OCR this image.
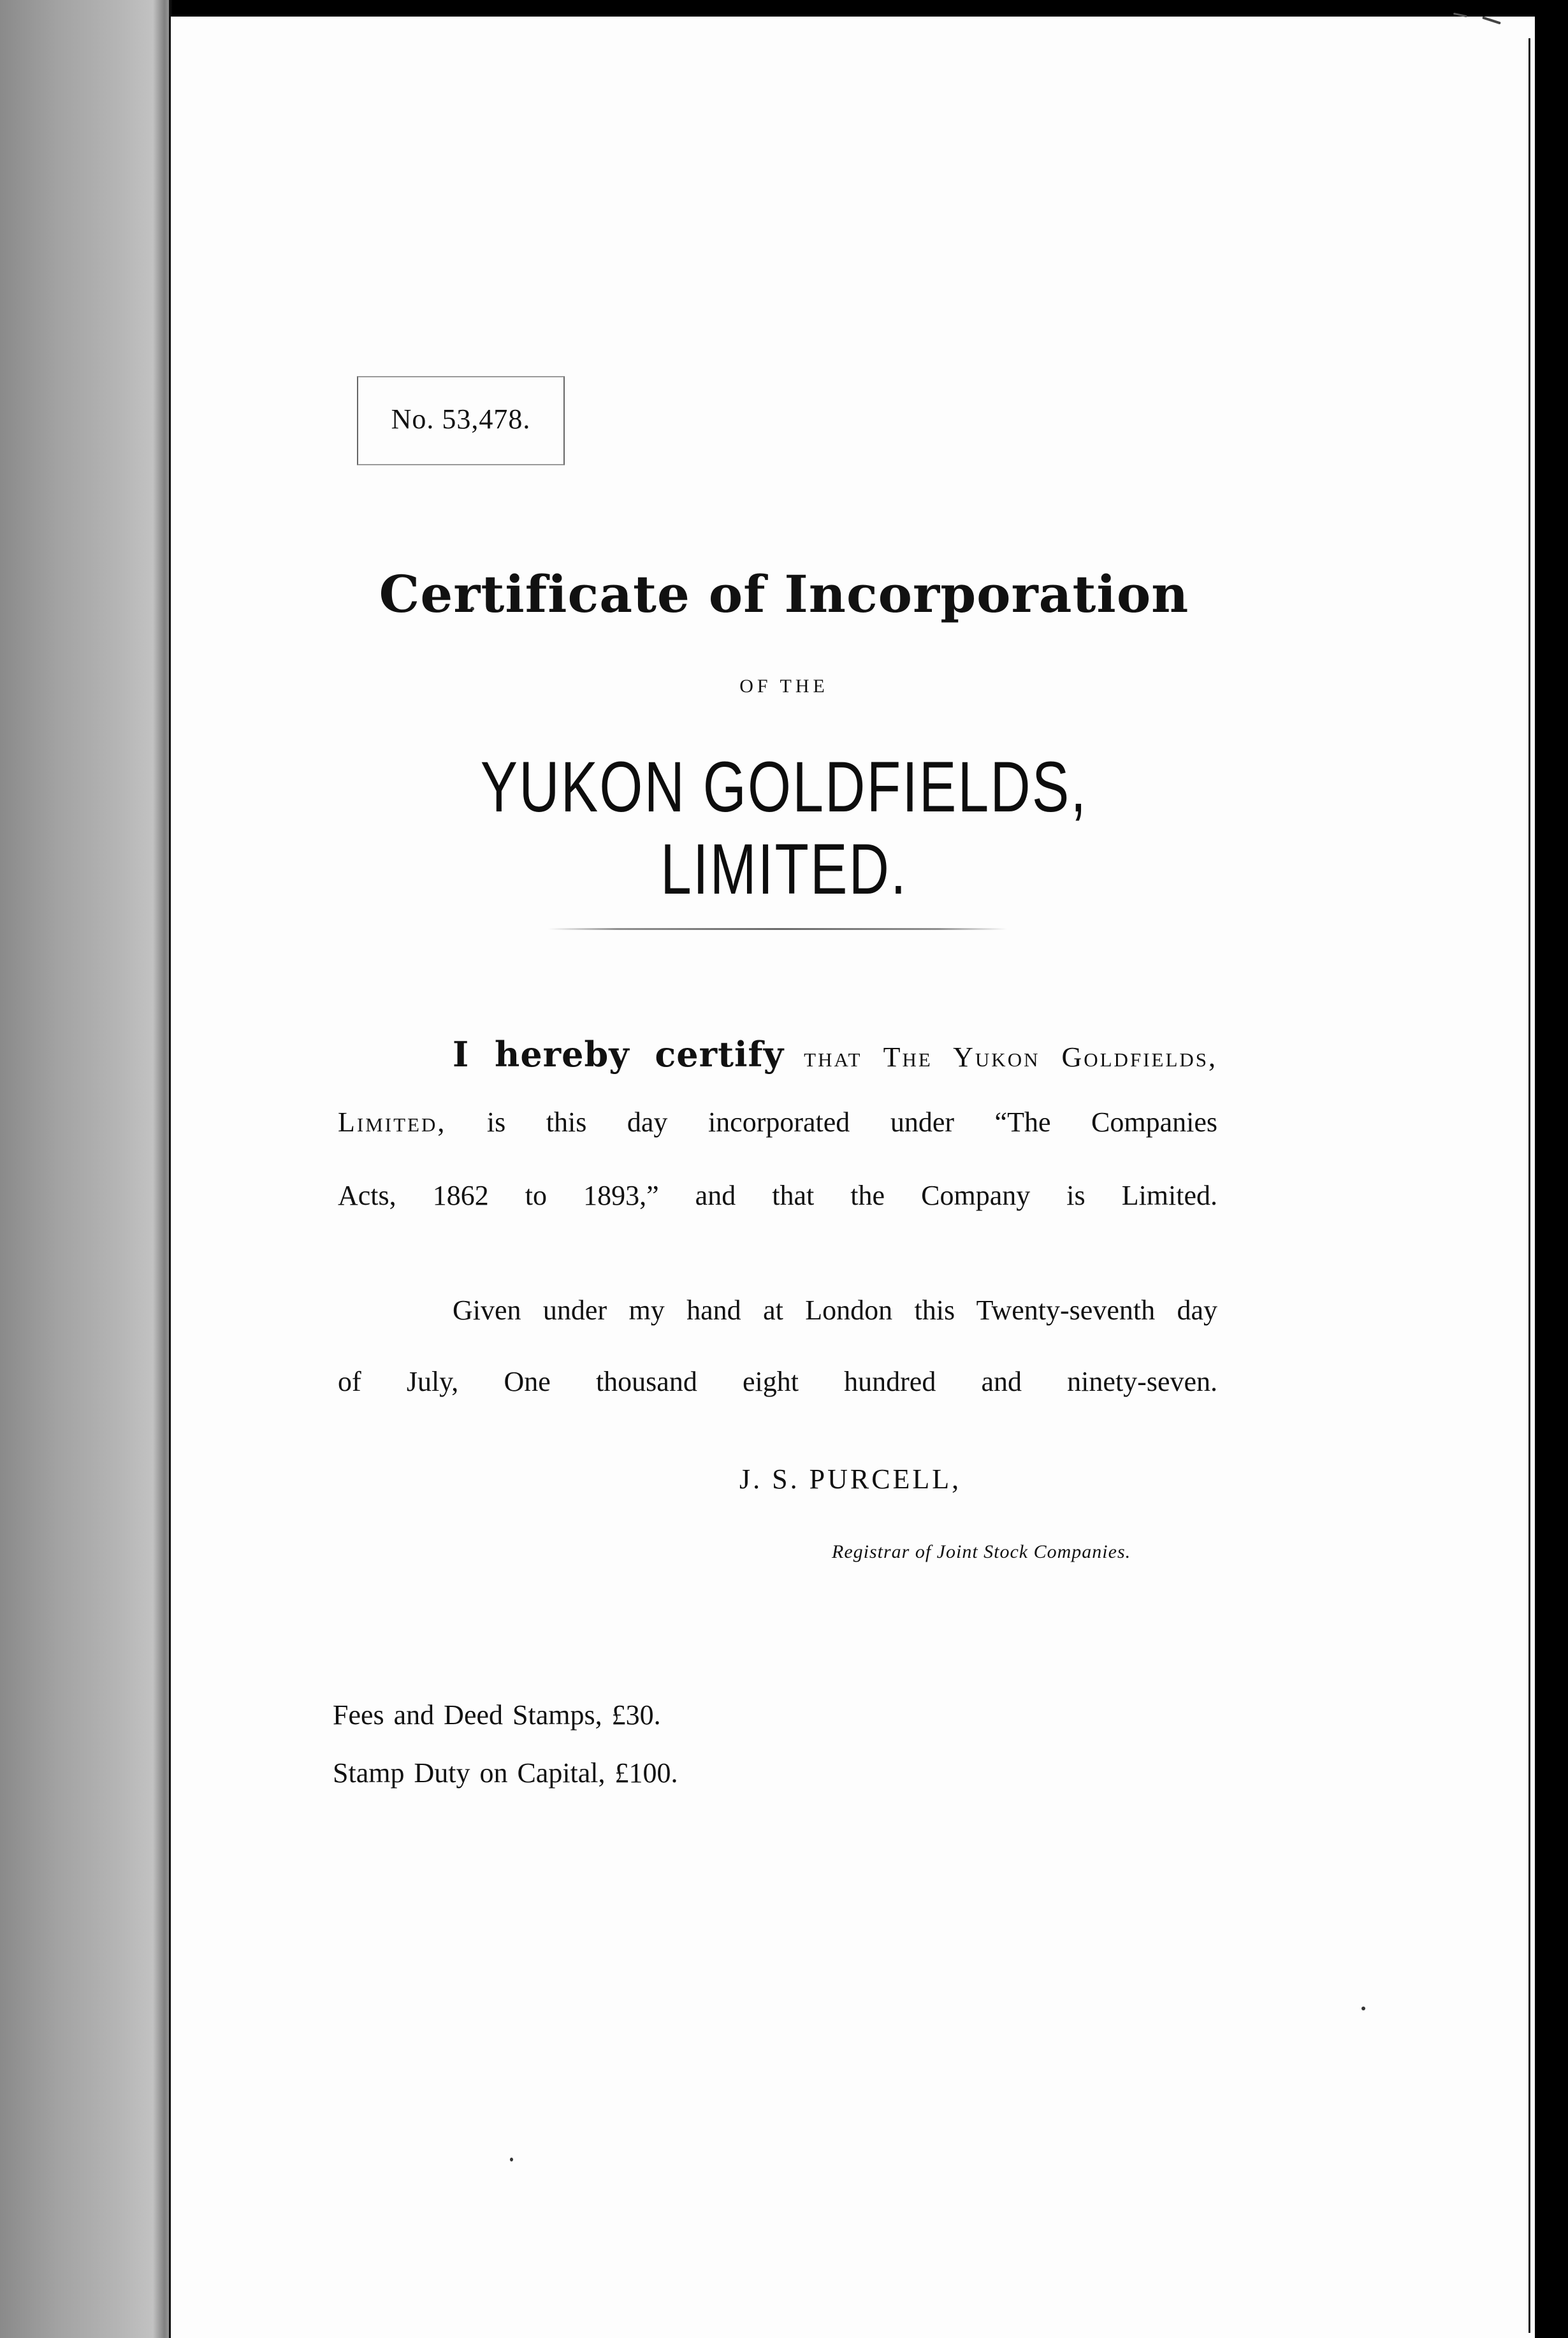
No. 53,478.
Certificate of Incorporation
OF THE
YUKON GOLDFIELDS, LIMITED.
I hereby certify that The Yukon Goldfields,
Limited, is this day incorporated under “The Companies
Acts, 1862 to 1893,” and that the Company is Limited.
Given under my hand at London this Twenty-seventh day
of July, One thousand eight hundred and ninety-seven.
J. S. PURCELL,
Registrar of Joint Stock Companies.
Fees and Deed Stamps, £30.
Stamp Duty on Capital, £100.
